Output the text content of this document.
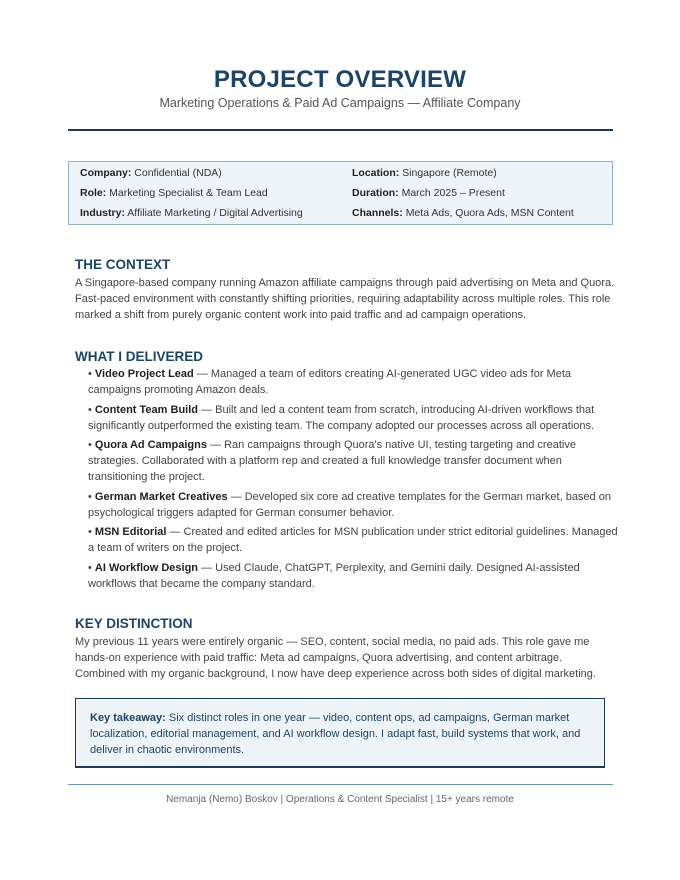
PROJECT OVERVIEW
Marketing Operations & Paid Ad Campaigns — Affiliate Company
Company: Confidential (NDA)	Location: Singapore (Remote)
Role: Marketing Specialist & Team Lead	Duration: March 2025 – Present
Industry: Affiliate Marketing / Digital Advertising	Channels: Meta Ads, Quora Ads, MSN Content
THE CONTEXT

A Singapore-based company running Amazon affiliate campaigns through paid advertising on Meta and Quora. Fast-paced environment with constantly shifting priorities, requiring adaptability across multiple roles. This role marked a shift from purely organic content work into paid traffic and ad campaign operations.

WHAT I DELIVERED
• Video Project Lead — Managed a team of editors creating AI-generated UGC video ads for Meta campaigns promoting Amazon deals.
• Content Team Build — Built and led a content team from scratch, introducing AI-driven workflows that significantly outperformed the existing team. The company adopted our processes across all operations.
• Quora Ad Campaigns — Ran campaigns through Quora's native UI, testing targeting and creative strategies. Collaborated with a platform rep and created a full knowledge transfer document when transitioning the project.
• German Market Creatives — Developed six core ad creative templates for the German market, based on psychological triggers adapted for German consumer behavior.
• MSN Editorial — Created and edited articles for MSN publication under strict editorial guidelines. Managed a team of writers on the project.
• AI Workflow Design — Used Claude, ChatGPT, Perplexity, and Gemini daily. Designed AI-assisted workflows that became the company standard.
KEY DISTINCTION

My previous 11 years were entirely organic — SEO, content, social media, no paid ads. This role gave me hands-on experience with paid traffic: Meta ad campaigns, Quora advertising, and content arbitrage. Combined with my organic background, I now have deep experience across both sides of digital marketing.

Key takeaway: Six distinct roles in one year — video, content ops, ad campaigns, German market localization, editorial management, and AI workflow design. I adapt fast, build systems that work, and deliver in chaotic environments.
Nemanja (Nemo) Boskov | Operations & Content Specialist | 15+ years remote
